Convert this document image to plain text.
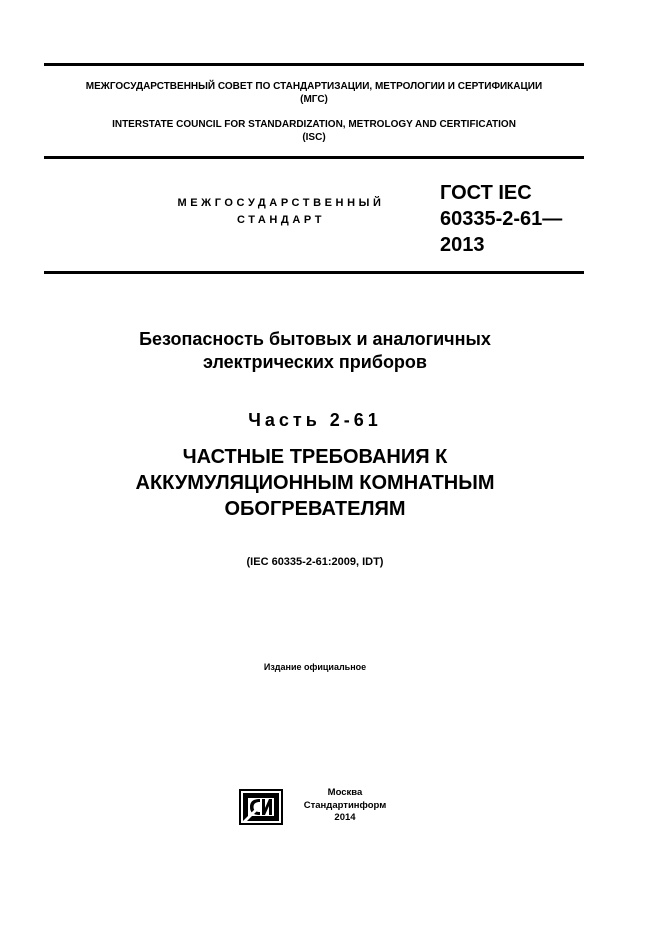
МЕЖГОСУДАРСТВЕННЫЙ СОВЕТ ПО СТАНДАРТИЗАЦИИ, МЕТРОЛОГИИ И СЕРТИФИКАЦИИ
(МГС)
INTERSTATE COUNCIL FOR STANDARDIZATION, METROLOGY AND CERTIFICATION
(ISC)
МЕЖГОСУДАРСТВЕННЫЙ
СТАНДАРТ
ГОСТ IEC
60335-2-61—
2013
Безопасность бытовых и аналогичных
электрических приборов
Часть 2-61
ЧАСТНЫЕ ТРЕБОВАНИЯ К
АККУМУЛЯЦИОННЫМ КОМНАТНЫМ
ОБОГРЕВАТЕЛЯМ
(IEC 60335-2-61:2009, IDT)
Издание официальное
Москва
Стандартинформ
2014
